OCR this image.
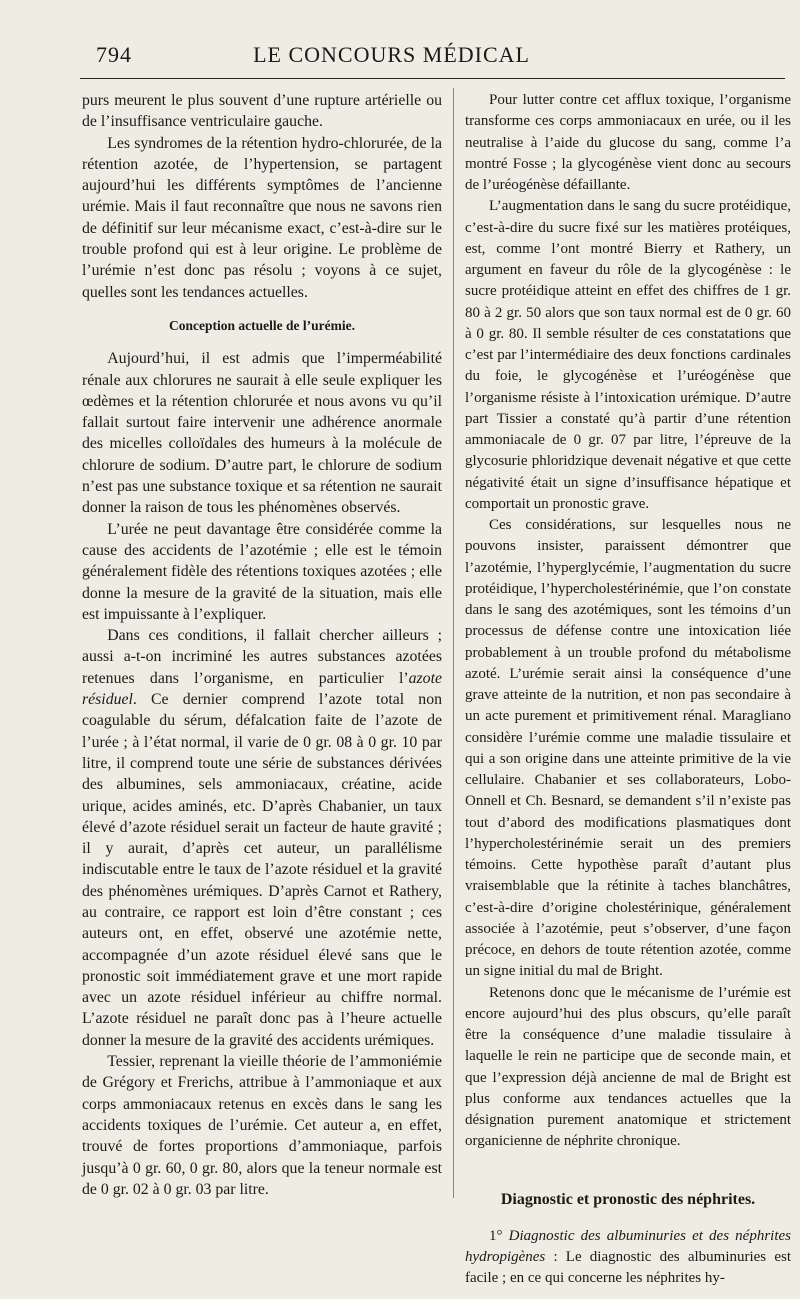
794	LE CONCOURS MÉDICAL

purs meurent le plus souvent d’une rupture artérielle ou de l’insuffisance ventriculaire gauche.

Les syndromes de la rétention hydro-chlorurée, de la rétention azotée, de l’hypertension, se partagent aujourd’hui les différents symptômes de l’ancienne urémie. Mais il faut reconnaître que nous ne savons rien de définitif sur leur mécanisme exact, c’est-à-dire sur le trouble profond qui est à leur origine. Le problème de l’urémie n’est donc pas résolu ; voyons à ce sujet, quelles sont les tendances actuelles.

Conception actuelle de l’urémie.

Aujourd’hui, il est admis que l’imperméabilité rénale aux chlorures ne saurait à elle seule expliquer les œdèmes et la rétention chlorurée et nous avons vu qu’il fallait surtout faire intervenir une adhérence anormale des micelles colloïdales des humeurs à la molécule de chlorure de sodium. D’autre part, le chlorure de sodium n’est pas une substance toxique et sa rétention ne saurait donner la raison de tous les phénomènes observés.

L’urée ne peut davantage être considérée comme la cause des accidents de l’azotémie ; elle est le témoin généralement fidèle des rétentions toxiques azotées ; elle donne la mesure de la gravité de la situation, mais elle est impuissante à l’expliquer.

Dans ces conditions, il fallait chercher ailleurs ; aussi a-t-on incriminé les autres substances azotées retenues dans l’organisme, en particulier l’azote résiduel. Ce dernier comprend l’azote total non coagulable du sérum, défalcation faite de l’azote de l’urée ; à l’état normal, il varie de 0 gr. 08 à 0 gr. 10 par litre, il comprend toute une série de substances dérivées des albumines, sels ammoniacaux, créatine, acide urique, acides aminés, etc. D’après Chabanier, un taux élevé d’azote résiduel serait un facteur de haute gravité ; il y aurait, d’après cet auteur, un parallélisme indiscutable entre le taux de l’azote résiduel et la gravité des phénomènes urémiques. D’après Carnot et Rathery, au contraire, ce rapport est loin d’être constant ; ces auteurs ont, en effet, observé une azotémie nette, accompagnée d’un azote résiduel élevé sans que le pronostic soit immédiatement grave et une mort rapide avec un azote résiduel inférieur au chiffre normal. L’azote résiduel ne paraît donc pas à l’heure actuelle donner la mesure de la gravité des accidents urémiques.

Tessier, reprenant la vieille théorie de l’ammoniémie de Grégory et Frerichs, attribue à l’ammoniaque et aux corps ammoniacaux retenus en excès dans le sang les accidents toxiques de l’urémie. Cet auteur a, en effet, trouvé de fortes proportions d’ammoniaque, parfois jusqu’à 0 gr. 60, 0 gr. 80, alors que la teneur normale est de 0 gr. 02 à 0 gr. 03 par litre.

Pour lutter contre cet afflux toxique, l’organisme transforme ces corps ammoniacaux en urée, ou il les neutralise à l’aide du glucose du sang, comme l’a montré Fosse ; la glycogénèse vient donc au secours de l’uréogénèse défaillante.

L’augmentation dans le sang du sucre protéidique, c’est-à-dire du sucre fixé sur les matières protéiques, est, comme l’ont montré Bierry et Rathery, un argument en faveur du rôle de la glycogénèse : le sucre protéidique atteint en effet des chiffres de 1 gr. 80 à 2 gr. 50 alors que son taux normal est de 0 gr. 60 à 0 gr. 80. Il semble résulter de ces constatations que c’est par l’intermédiaire des deux fonctions cardinales du foie, le glycogénèse et l’uréogénèse que l’organisme résiste à l’intoxication urémique. D’autre part Tissier a constaté qu’à partir d’une rétention ammoniacale de 0 gr. 07 par litre, l’épreuve de la glycosurie phloridzique devenait négative et que cette négativité était un signe d’insuffisance hépatique et comportait un pronostic grave.

Ces considérations, sur lesquelles nous ne pouvons insister, paraissent démontrer que l’azotémie, l’hyperglycémie, l’augmentation du sucre protéidique, l’hypercholestérinémie, que l’on constate dans le sang des azotémiques, sont les témoins d’un processus de défense contre une intoxication liée probablement à un trouble profond du métabolisme azoté. L’urémie serait ainsi la conséquence d’une grave atteinte de la nutrition, et non pas secondaire à un acte purement et primitivement rénal. Maragliano considère l’urémie comme une maladie tissulaire et qui a son origine dans une atteinte primitive de la vie cellulaire. Chabanier et ses collaborateurs, Lobo-Onnell et Ch. Besnard, se demandent s’il n’existe pas tout d’abord des modifications plasmatiques dont l’hypercholestérinémie serait un des premiers témoins. Cette hypothèse paraît d’autant plus vraisemblable que la rétinite à taches blanchâtres, c’est-à-dire d’origine cholestérinique, généralement associée à l’azotémie, peut s’observer, d’une façon précoce, en dehors de toute rétention azotée, comme un signe initial du mal de Bright.

Retenons donc que le mécanisme de l’urémie est encore aujourd’hui des plus obscurs, qu’elle paraît être la conséquence d’une maladie tissulaire à laquelle le rein ne participe que de seconde main, et que l’expression déjà ancienne de mal de Bright est plus conforme aux tendances actuelles que la désignation purement anatomique et strictement organicienne de néphrite chronique.

Diagnostic et pronostic des néphrites.

1° Diagnostic des albuminuries et des néphrites hydropigènes : Le diagnostic des albuminuries est facile ; en ce qui concerne les néphrites hy-
